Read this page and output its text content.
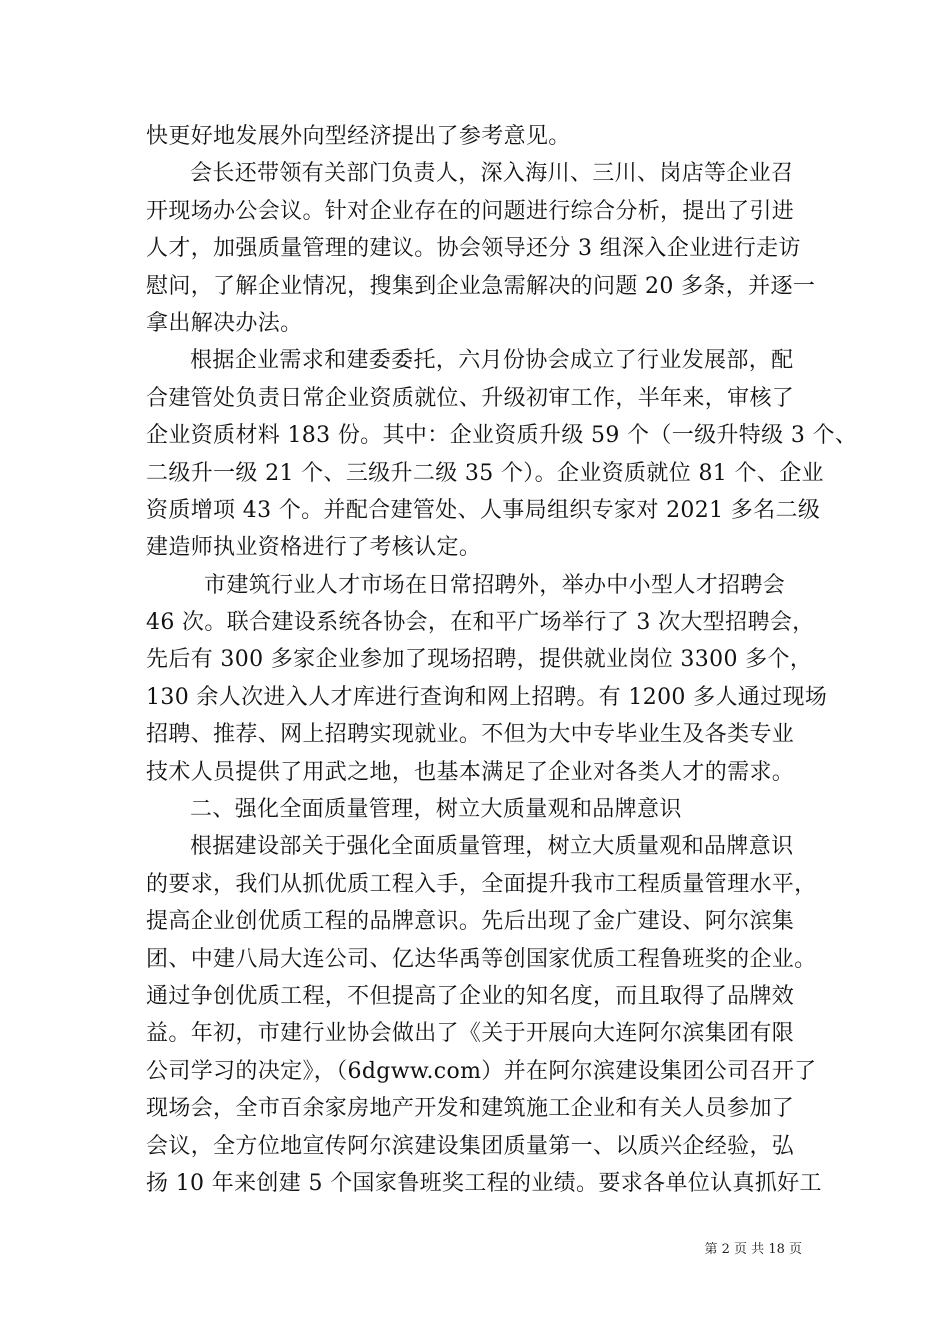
快更好地发展外向型经济提出了参考意见。
会长还带领有关部门负责人，深入海川、三川、岗店等企业召
开现场办公会议。针对企业存在的问题进行综合分析，提出了引进
人才，加强质量管理的建议。协会领导还分 3 组深入企业进行走访
慰问，了解企业情况，搜集到企业急需解决的问题 20 多条，并逐一
拿出解决办法。
根据企业需求和建委委托，六月份协会成立了行业发展部，配
合建管处负责日常企业资质就位、升级初审工作，半年来，审核了
企业资质材料 183 份。其中：企业资质升级 59 个（一级升特级 3 个、
二级升一级 21 个、三级升二级 35 个）。企业资质就位 81 个、企业
资质增项 43 个。并配合建管处、人事局组织专家对 2021 多名二级
建造师执业资格进行了考核认定。
市建筑行业人才市场在日常招聘外，举办中小型人才招聘会
46 次。联合建设系统各协会，在和平广场举行了 3 次大型招聘会，
先后有 300 多家企业参加了现场招聘，提供就业岗位 3300 多个，
130 余人次进入人才库进行查询和网上招聘。有 1200 多人通过现场
招聘、推荐、网上招聘实现就业。不但为大中专毕业生及各类专业
技术人员提供了用武之地，也基本满足了企业对各类人才的需求。
二、强化全面质量管理，树立大质量观和品牌意识
根据建设部关于强化全面质量管理，树立大质量观和品牌意识
的要求，我们从抓优质工程入手，全面提升我市工程质量管理水平，
提高企业创优质工程的品牌意识。先后出现了金广建设、阿尔滨集
团、中建八局大连公司、亿达华禹等创国家优质工程鲁班奖的企业。
通过争创优质工程，不但提高了企业的知名度，而且取得了品牌效
益。年初，市建行业协会做出了《关于开展向大连阿尔滨集团有限
公司学习的决定》，（6dgww.com）并在阿尔滨建设集团公司召开了
现场会，全市百余家房地产开发和建筑施工企业和有关人员参加了
会议，全方位地宣传阿尔滨建设集团质量第一、以质兴企经验，弘
扬 10 年来创建 5 个国家鲁班奖工程的业绩。要求各单位认真抓好工
第 2 页 共 18 页
